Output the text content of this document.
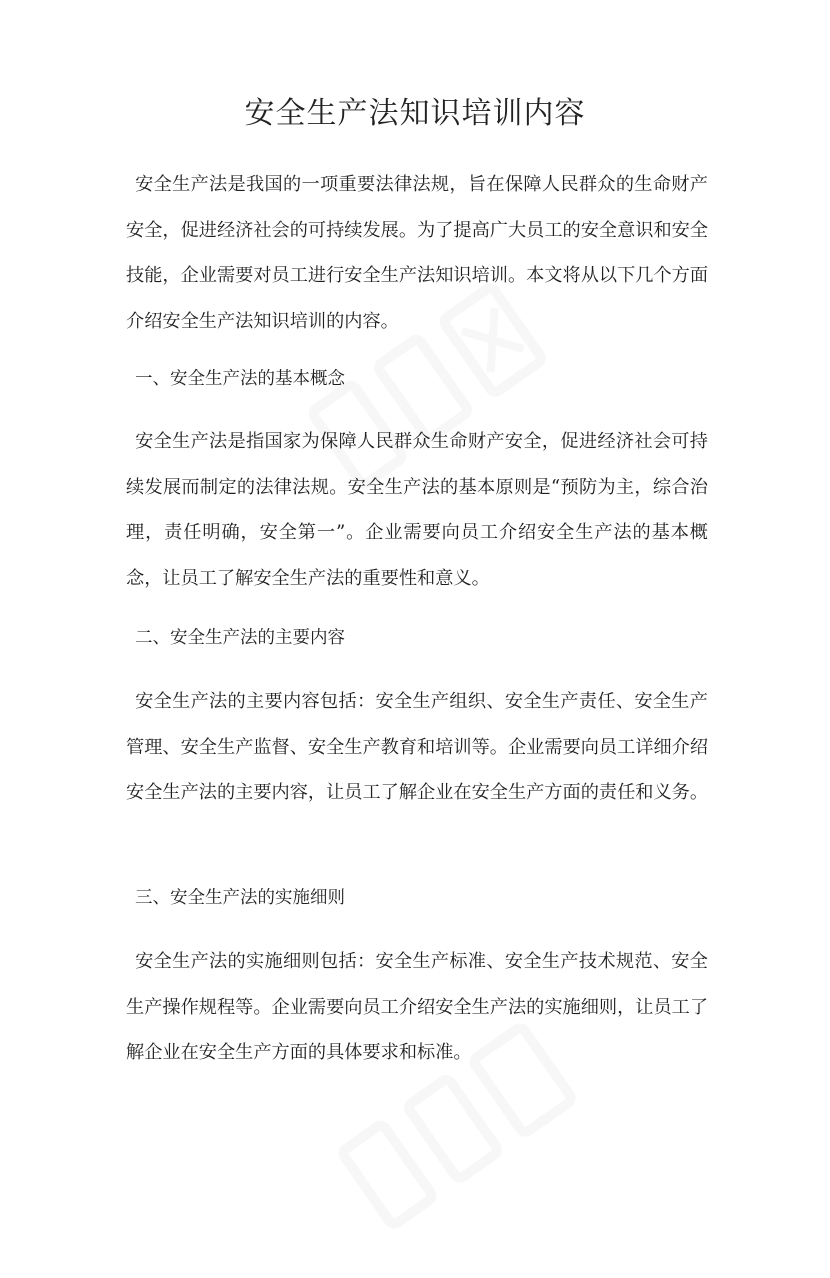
安全生产法知识培训内容

安全生产法是我国的一项重要法律法规，旨在保障人民群众的生命财产安全，促进经济社会的可持续发展。为了提高广大员工的安全意识和安全技能，企业需要对员工进行安全生产法知识培训。本文将从以下几个方面介绍安全生产法知识培训的内容。

一、安全生产法的基本概念

安全生产法是指国家为保障人民群众生命财产安全，促进经济社会可持续发展而制定的法律法规。安全生产法的基本原则是“预防为主，综合治理，责任明确，安全第一”。企业需要向员工介绍安全生产法的基本概念，让员工了解安全生产法的重要性和意义。

二、安全生产法的主要内容

安全生产法的主要内容包括：安全生产组织、安全生产责任、安全生产管理、安全生产监督、安全生产教育和培训等。企业需要向员工详细介绍安全生产法的主要内容，让员工了解企业在安全生产方面的责任和义务。

三、安全生产法的实施细则

安全生产法的实施细则包括：安全生产标准、安全生产技术规范、安全生产操作规程等。企业需要向员工介绍安全生产法的实施细则，让员工了解企业在安全生产方面的具体要求和标准。
